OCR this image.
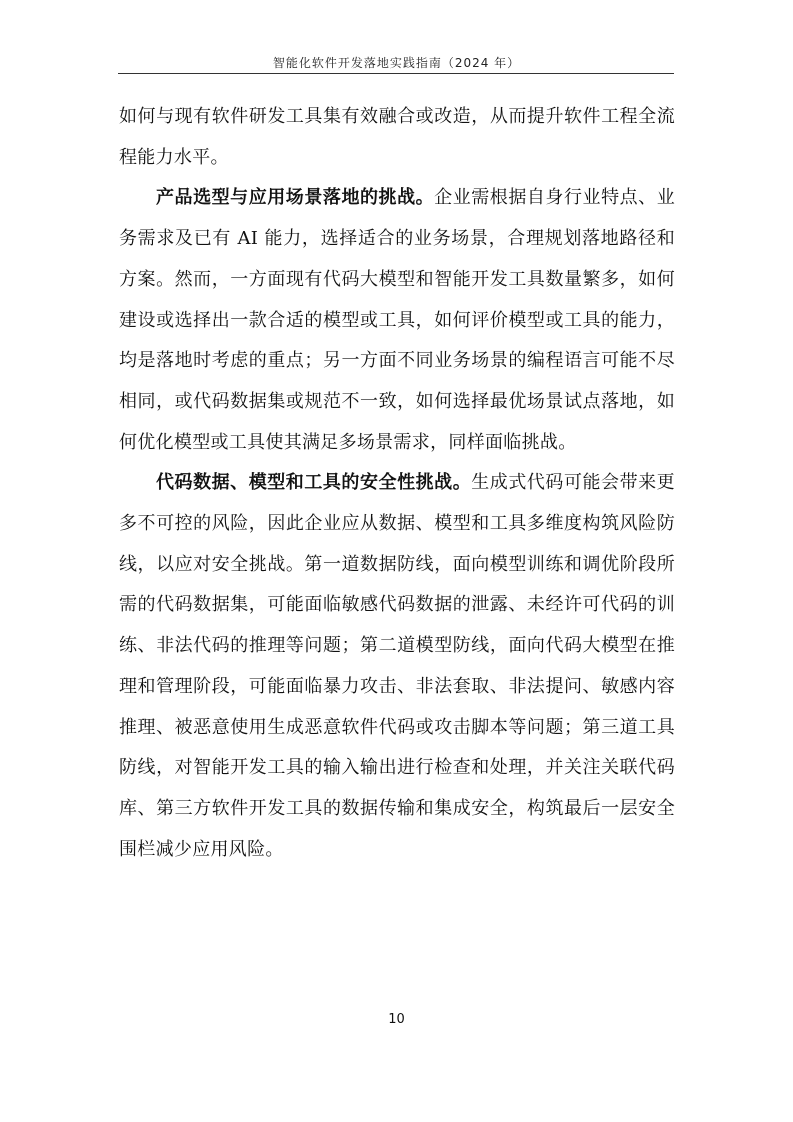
智能化软件开发落地实践指南（2024 年）

如何与现有软件研发工具集有效融合或改造，从而提升软件工程全流程能力水平。

产品选型与应用场景落地的挑战。企业需根据自身行业特点、业务需求及已有 AI 能力，选择适合的业务场景，合理规划落地路径和方案。然而，一方面现有代码大模型和智能开发工具数量繁多，如何建设或选择出一款合适的模型或工具，如何评价模型或工具的能力，均是落地时考虑的重点；另一方面不同业务场景的编程语言可能不尽相同，或代码数据集或规范不一致，如何选择最优场景试点落地，如何优化模型或工具使其满足多场景需求，同样面临挑战。

代码数据、模型和工具的安全性挑战。生成式代码可能会带来更多不可控的风险，因此企业应从数据、模型和工具多维度构筑风险防线，以应对安全挑战。第一道数据防线，面向模型训练和调优阶段所需的代码数据集，可能面临敏感代码数据的泄露、未经许可代码的训练、非法代码的推理等问题；第二道模型防线，面向代码大模型在推理和管理阶段，可能面临暴力攻击、非法套取、非法提问、敏感内容推理、被恶意使用生成恶意软件代码或攻击脚本等问题；第三道工具防线，对智能开发工具的输入输出进行检查和处理，并关注关联代码库、第三方软件开发工具的数据传输和集成安全，构筑最后一层安全围栏减少应用风险。

10
